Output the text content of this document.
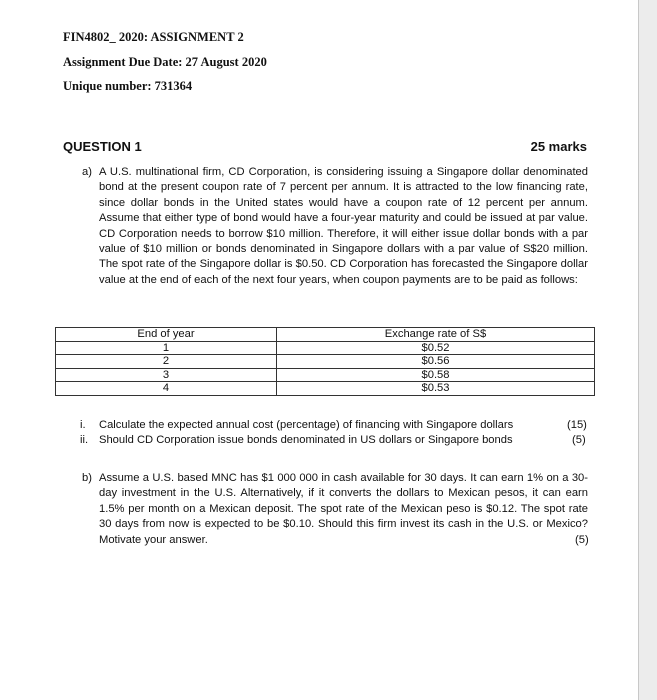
FIN4802_ 2020: ASSIGNMENT 2
Assignment Due Date: 27 August 2020
Unique number: 731364
QUESTION 1	25 marks
a) A U.S. multinational firm, CD Corporation, is considering issuing a Singapore dollar denominated bond at the present coupon rate of 7 percent per annum. It is attracted to the low financing rate, since dollar bonds in the United states would have a coupon rate of 12 percent per annum. Assume that either type of bond would have a four-year maturity and could be issued at par value. CD Corporation needs to borrow $10 million. Therefore, it will either issue dollar bonds with a par value of $10 million or bonds denominated in Singapore dollars with a par value of S$20 million. The spot rate of the Singapore dollar is $0.50. CD Corporation has forecasted the Singapore dollar value at the end of each of the next four years, when coupon payments are to be paid as follows:
End of year	Exchange rate of S$
1	$0.52
2	$0.56
3	$0.58
4	$0.53
i. Calculate the expected annual cost (percentage) of financing with Singapore dollars	(15)
ii. Should CD Corporation issue bonds denominated in US dollars or Singapore bonds	(5)
b) Assume a U.S. based MNC has $1 000 000 in cash available for 30 days. It can earn 1% on a 30-day investment in the U.S. Alternatively, if it converts the dollars to Mexican pesos, it can earn 1.5% per month on a Mexican deposit. The spot rate of the Mexican peso is $0.12. The spot rate 30 days from now is expected to be $0.10. Should this firm invest its cash in the U.S. or Mexico? Motivate your answer.	(5)
